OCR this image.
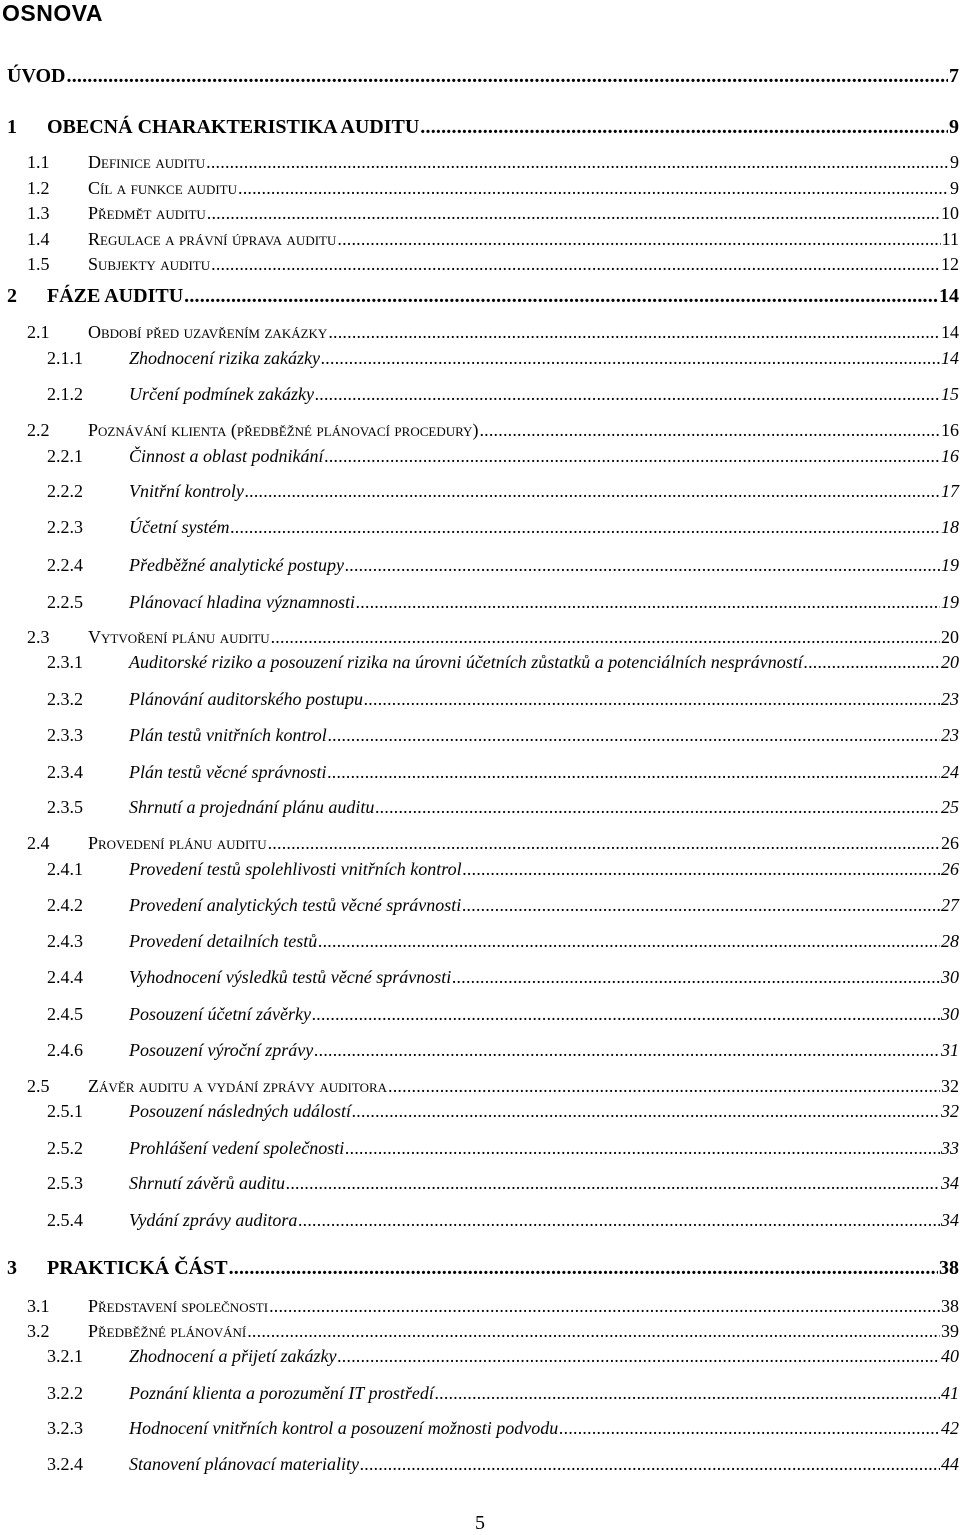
OSNOVA
ÚVOD .....	7
1	OBECNÁ CHARAKTERISTIKA AUDITU .....	9
1.1	Definice auditu .....	9
1.2	Cíl a funkce auditu .....	9
1.3	Předmět auditu .....	10
1.4	Regulace a právní úprava auditu .....	11
1.5	Subjekty auditu .....	12
2	FÁZE AUDITU .....	14
2.1	Období před uzavřením zakázky .....	14
2.1.1	Zhodnocení rizika zakázky .....	14
2.1.2	Určení podmínek zakázky .....	15
2.2	Poznávání klienta (předběžné plánovací procedury) .....	16
2.2.1	Činnost a oblast podnikání .....	16
2.2.2	Vnitřní kontroly .....	17
2.2.3	Účetní systém .....	18
2.2.4	Předběžné analytické postupy .....	19
2.2.5	Plánovací hladina významnosti .....	19
2.3	Vytvoření plánu auditu .....	20
2.3.1	Auditorské riziko a posouzení rizika na úrovni účetních zůstatků a potenciálních nesprávností .....	20
2.3.2	Plánování auditorského postupu .....	23
2.3.3	Plán testů vnitřních kontrol .....	23
2.3.4	Plán testů věcné správnosti .....	24
2.3.5	Shrnutí a projednání plánu auditu .....	25
2.4	Provedení plánu auditu .....	26
2.4.1	Provedení testů spolehlivosti vnitřních kontrol .....	26
2.4.2	Provedení analytických testů věcné správnosti .....	27
2.4.3	Provedení detailních testů .....	28
2.4.4	Vyhodnocení výsledků testů věcné správnosti .....	30
2.4.5	Posouzení účetní závěrky .....	30
2.4.6	Posouzení výroční zprávy .....	31
2.5	Závěr auditu a vydání zprávy auditora .....	32
2.5.1	Posouzení následných událostí .....	32
2.5.2	Prohlášení vedení společnosti .....	33
2.5.3	Shrnutí závěrů auditu .....	34
2.5.4	Vydání zprávy auditora .....	34
3	PRAKTICKÁ ČÁST .....	38
3.1	Představení společnosti .....	38
3.2	Předběžné plánování .....	39
3.2.1	Zhodnocení a přijetí zakázky .....	40
3.2.2	Poznání klienta a porozumění IT prostředí .....	41
3.2.3	Hodnocení vnitřních kontrol a posouzení možnosti podvodu .....	42
3.2.4	Stanovení plánovací materiality .....	44
5
